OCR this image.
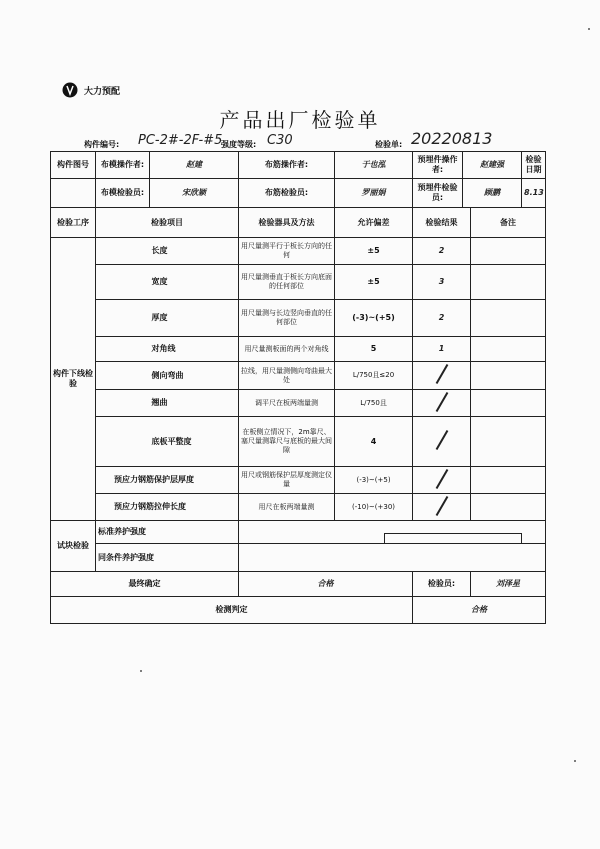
大力预配
产品出厂检验单
构件编号: PC-2#-2F-#5
强度等级: C30	检验单: 20220813
构件图号	布模操作者:	赵建	布筋操作者:	于也泓	预埋件操作者:	赵建强		检验日期
	布模检验员:	宋欣颖	布筋检验员:	罗丽娟	预埋件检验员:	顾鹏		8.13
检验工序	检验项目		检验器具及方法	允许偏差	检验结果		备注	
构件下线检验		长度	用尺量测平行于板长方向的任何	±5	2			
		宽度	用尺量测垂直于板长方向底面的任何部位	±5	3			
		厚度	用尺量测与长边竖向垂直的任何部位	(-3)~(+5)	2			
		对角线	用尺量测板面的两个对角线	5	1			
		侧向弯曲	拉线，用尺量测侧向弯曲最大处	L/750且≤20				
		翘曲	调平尺在板两端量测	L/750且				
		底板平整度	在板侧立情况下，2m靠尺、塞尺量测靠尺与底板的最大间隙	4				
	预应力钢筋保护层厚度		用尺或钢筋保护层厚度测定仪量	(-3)~(+5)				
	预应力钢筋拉伸长度		用尺在板两端量测	(-10)~(+30)				
试块检验	标准养护强度							
	同条件养护强度							
最终确定			合格		检验员:		刘泽星	
检测判定					合格			
